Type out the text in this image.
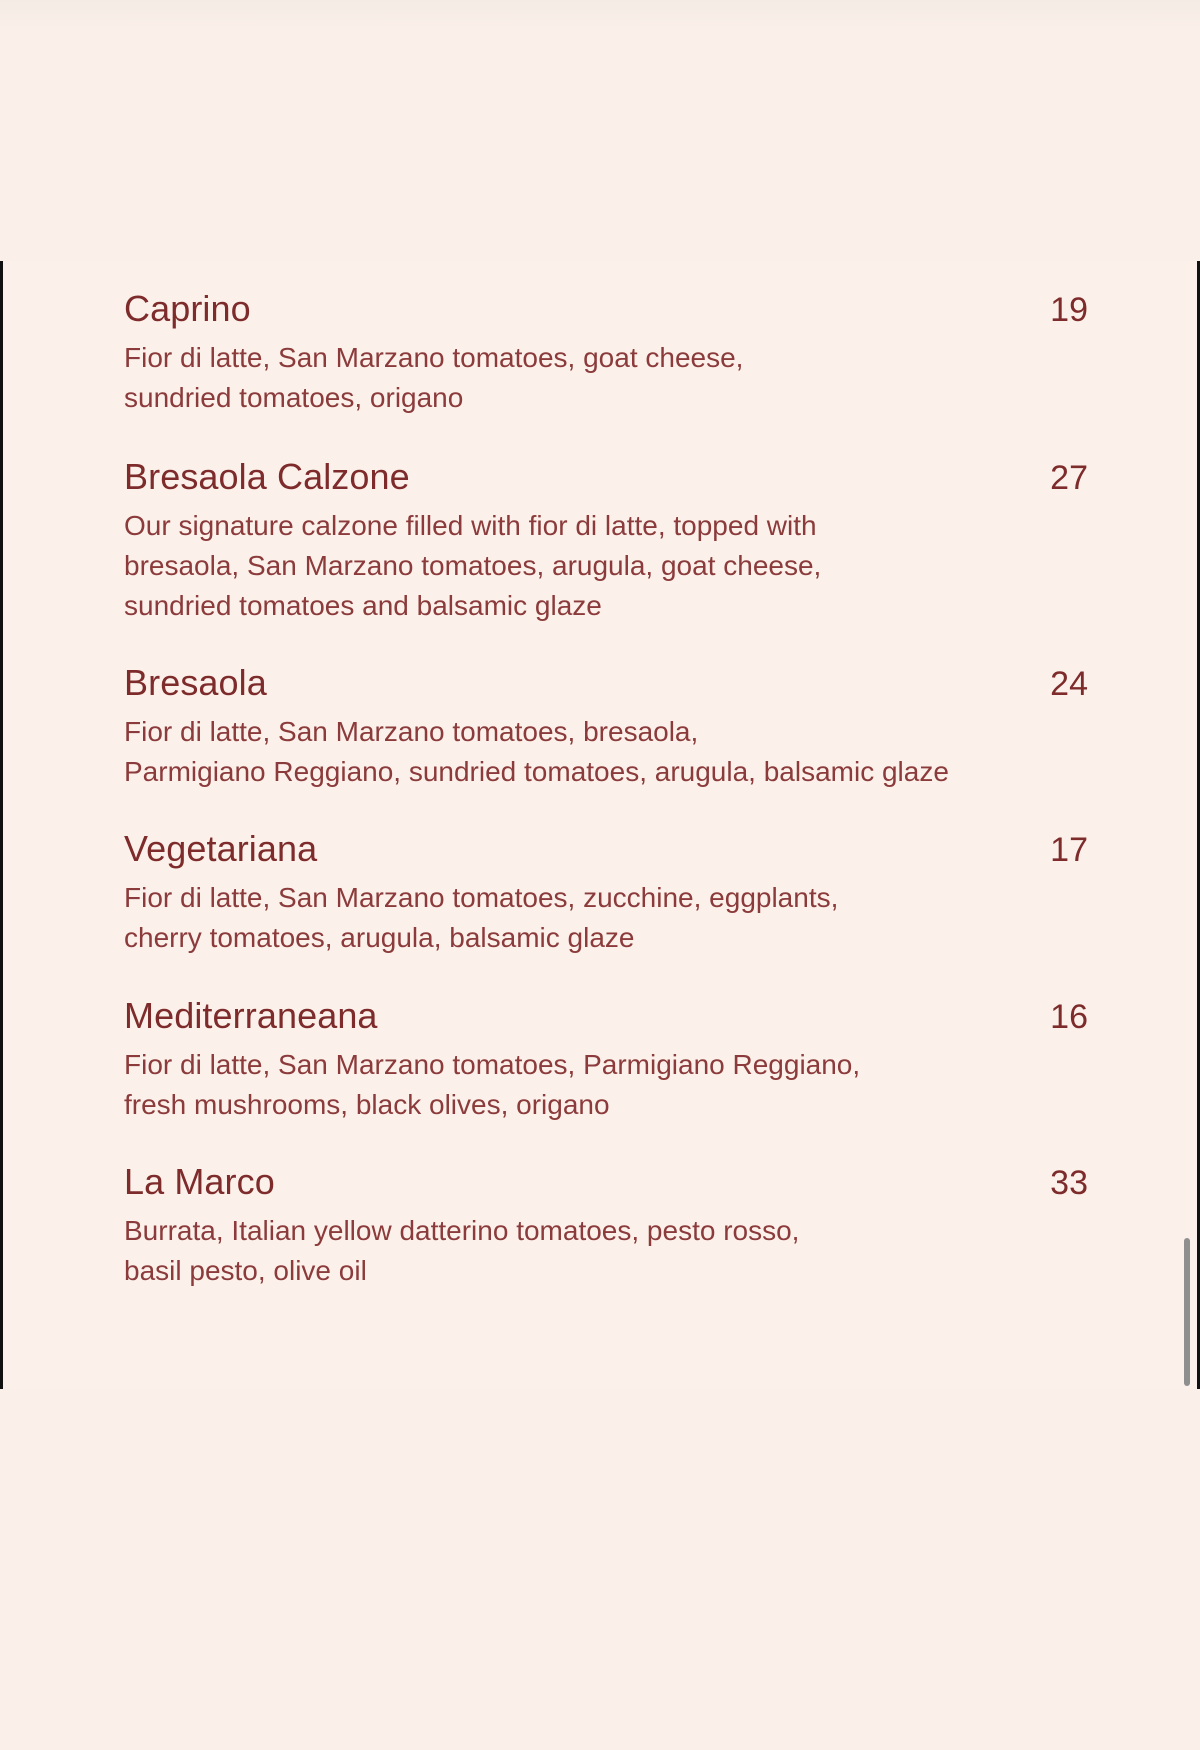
Caprino	19
Fior di latte, San Marzano tomatoes, goat cheese,
sundried tomatoes, origano
Bresaola Calzone	27
Our signature calzone filled with fior di latte, topped with
bresaola, San Marzano tomatoes, arugula, goat cheese,
sundried tomatoes and balsamic glaze
Bresaola	24
Fior di latte, San Marzano tomatoes, bresaola,
Parmigiano Reggiano, sundried tomatoes, arugula, balsamic glaze
Vegetariana	17
Fior di latte, San Marzano tomatoes, zucchine, eggplants,
cherry tomatoes, arugula, balsamic glaze
Mediterraneana	16
Fior di latte, San Marzano tomatoes, Parmigiano Reggiano,
fresh mushrooms, black olives, origano
La Marco	33
Burrata, Italian yellow datterino tomatoes, pesto rosso,
basil pesto, olive oil
